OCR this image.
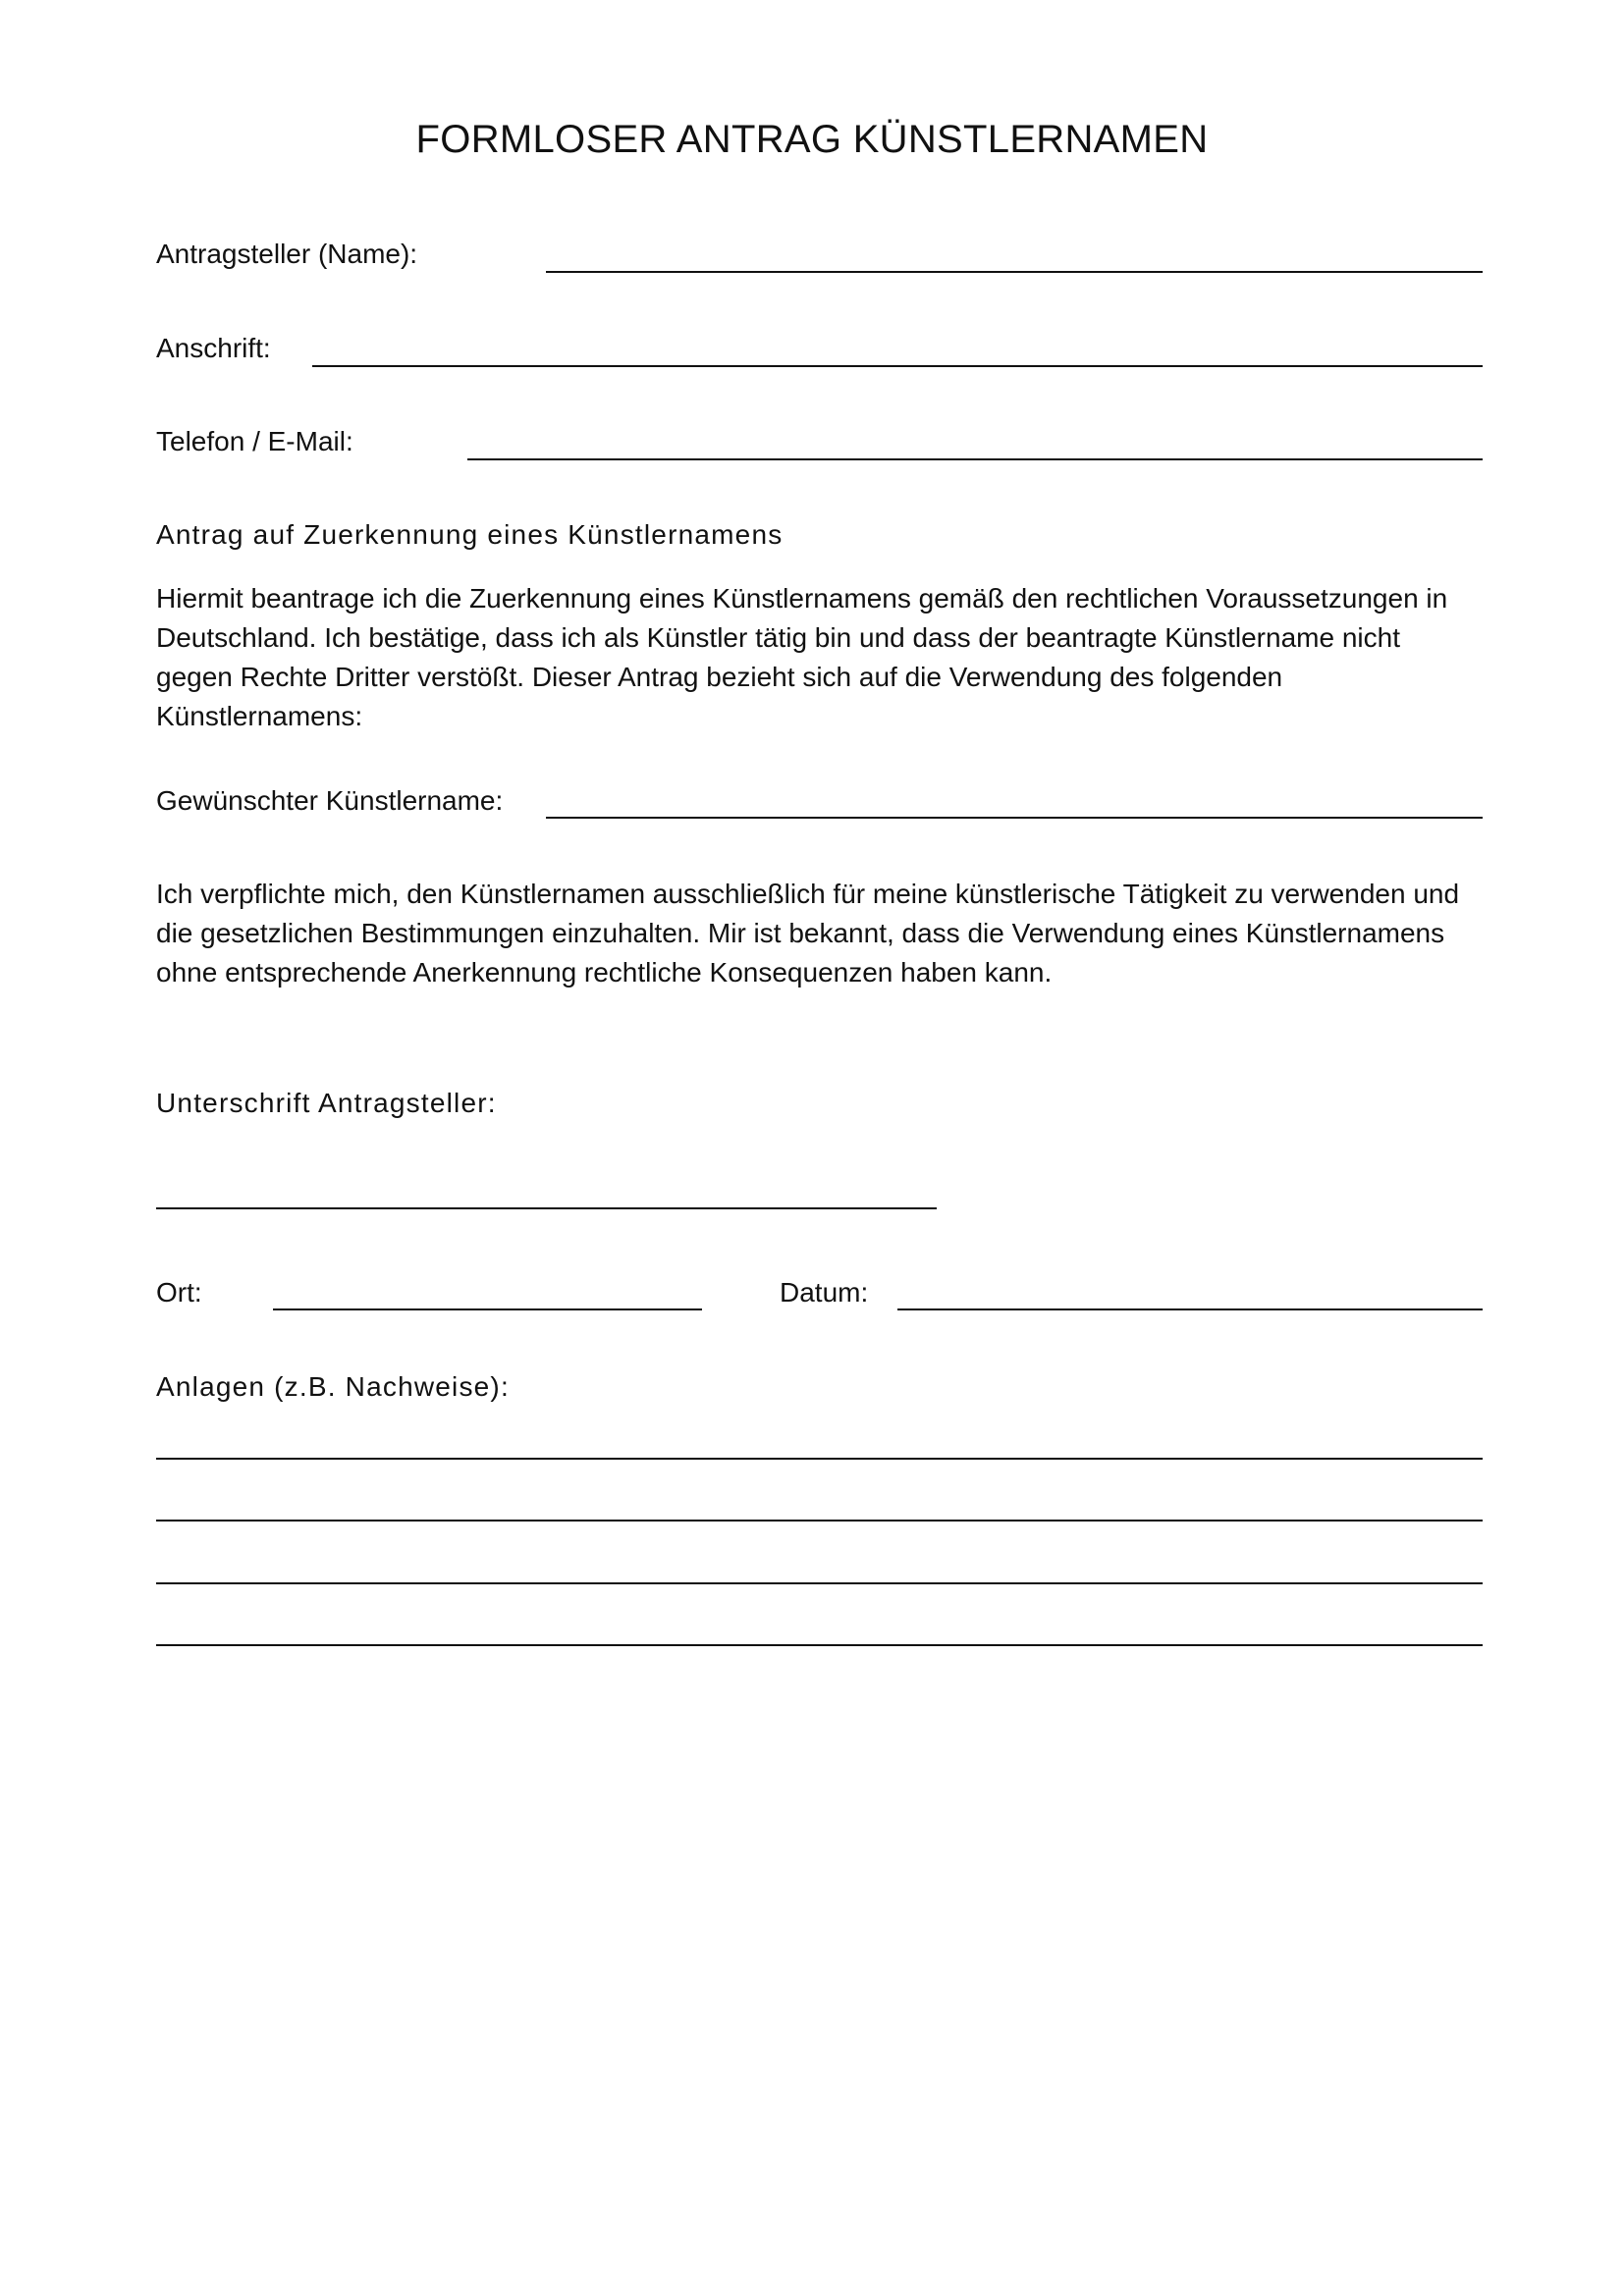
FORMLOSER ANTRAG KÜNSTLERNAMEN
Antragsteller (Name):
Anschrift:
Telefon / E-Mail:
Antrag auf Zuerkennung eines Künstlernamens
Hiermit beantrage ich die Zuerkennung eines Künstlernamens gemäß den rechtlichen Voraussetzungen in
Deutschland. Ich bestätige, dass ich als Künstler tätig bin und dass der beantragte Künstlername nicht
gegen Rechte Dritter verstößt. Dieser Antrag bezieht sich auf die Verwendung des folgenden
Künstlernamens:
Gewünschter Künstlername:
Ich verpflichte mich, den Künstlernamen ausschließlich für meine künstlerische Tätigkeit zu verwenden und
die gesetzlichen Bestimmungen einzuhalten. Mir ist bekannt, dass die Verwendung eines Künstlernamens
ohne entsprechende Anerkennung rechtliche Konsequenzen haben kann.
Unterschrift Antragsteller:
Ort:	Datum:
Anlagen (z.B. Nachweise):
